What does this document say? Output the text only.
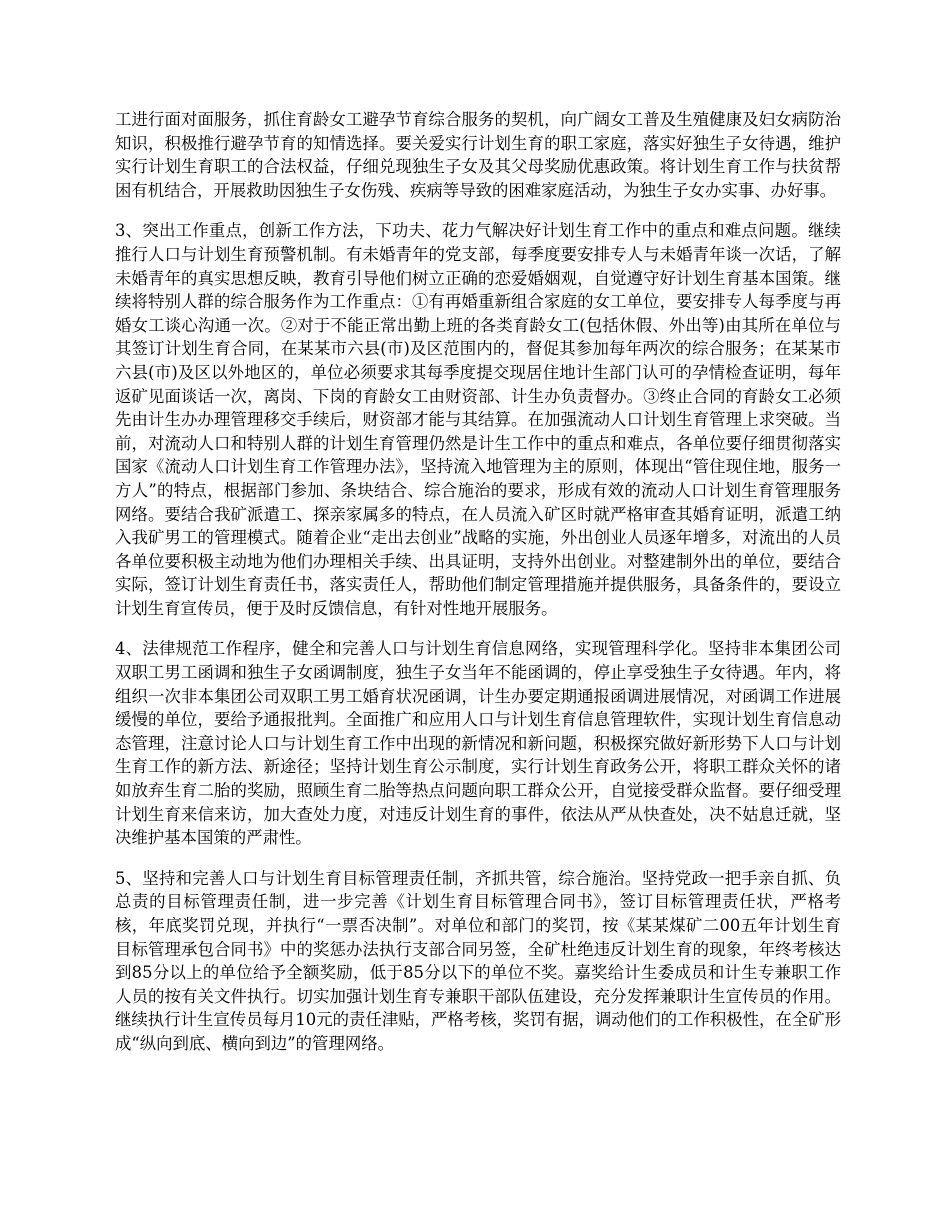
工进行面对面服务，抓住育龄女工避孕节育综合服务的契机，向广阔女工普及生殖健康及妇女病防治知识，积极推行避孕节育的知情选择。要关爱实行计划生育的职工家庭，落实好独生子女待遇，维护实行计划生育职工的合法权益，仔细兑现独生子女及其父母奖励优惠政策。将计划生育工作与扶贫帮困有机结合，开展救助因独生子女伤残、疾病等导致的困难家庭活动，为独生子女办实事、办好事。

3、突出工作重点，创新工作方法，下功夫、花力气解决好计划生育工作中的重点和难点问题。继续推行人口与计划生育预警机制。有未婚青年的党支部，每季度要安排专人与未婚青年谈一次话，了解未婚青年的真实思想反映，教育引导他们树立正确的恋爱婚姻观，自觉遵守好计划生育基本国策。继续将特别人群的综合服务作为工作重点：①有再婚重新组合家庭的女工单位，要安排专人每季度与再婚女工谈心沟通一次。②对于不能正常出勤上班的各类育龄女工(包括休假、外出等)由其所在单位与其签订计划生育合同，在某某市六县(市)及区范围内的，督促其参加每年两次的综合服务；在某某市六县(市)及区以外地区的，单位必须要求其每季度提交现居住地计生部门认可的孕情检查证明，每年返矿见面谈话一次，离岗、下岗的育龄女工由财资部、计生办负责督办。③终止合同的育龄女工必须先由计生办办理管理移交手续后，财资部才能与其结算。在加强流动人口计划生育管理上求突破。当前，对流动人口和特别人群的计划生育管理仍然是计生工作中的重点和难点，各单位要仔细贯彻落实国家《流动人口计划生育工作管理办法》，坚持流入地管理为主的原则，体现出“管住现住地，服务一方人”的特点，根据部门参加、条块结合、综合施治的要求，形成有效的流动人口计划生育管理服务网络。要结合我矿派遣工、探亲家属多的特点，在人员流入矿区时就严格审查其婚育证明，派遣工纳入我矿男工的管理模式。随着企业“走出去创业”战略的实施，外出创业人员逐年增多，对流出的人员各单位要积极主动地为他们办理相关手续、出具证明，支持外出创业。对整建制外出的单位，要结合实际，签订计划生育责任书，落实责任人，帮助他们制定管理措施并提供服务，具备条件的，要设立计划生育宣传员，便于及时反馈信息，有针对性地开展服务。

4、法律规范工作程序，健全和完善人口与计划生育信息网络，实现管理科学化。坚持非本集团公司双职工男工函调和独生子女函调制度，独生子女当年不能函调的，停止享受独生子女待遇。年内，将组织一次非本集团公司双职工男工婚育状况函调，计生办要定期通报函调进展情况，对函调工作进展缓慢的单位，要给予通报批判。全面推广和应用人口与计划生育信息管理软件，实现计划生育信息动态管理，注意讨论人口与计划生育工作中出现的新情况和新问题，积极探究做好新形势下人口与计划生育工作的新方法、新途径；坚持计划生育公示制度，实行计划生育政务公开，将职工群众关怀的诸如放弃生育二胎的奖励，照顾生育二胎等热点问题向职工群众公开，自觉接受群众监督。要仔细受理计划生育来信来访，加大查处力度，对违反计划生育的事件，依法从严从快查处，决不姑息迁就，坚决维护基本国策的严肃性。

5、坚持和完善人口与计划生育目标管理责任制，齐抓共管，综合施治。坚持党政一把手亲自抓、负总责的目标管理责任制，进一步完善《计划生育目标管理合同书》，签订目标管理责任状，严格考核，年底奖罚兑现，并执行“一票否决制”。对单位和部门的奖罚，按《某某煤矿二00五年计划生育目标管理承包合同书》中的奖惩办法执行支部合同另签，全矿杜绝违反计划生育的现象，年终考核达到85分以上的单位给予全额奖励，低于85分以下的单位不奖。嘉奖给计生委成员和计生专兼职工作人员的按有关文件执行。切实加强计划生育专兼职干部队伍建设，充分发挥兼职计生宣传员的作用。继续执行计生宣传员每月10元的责任津贴，严格考核，奖罚有据，调动他们的工作积极性，在全矿形成“纵向到底、横向到边”的管理网络。
